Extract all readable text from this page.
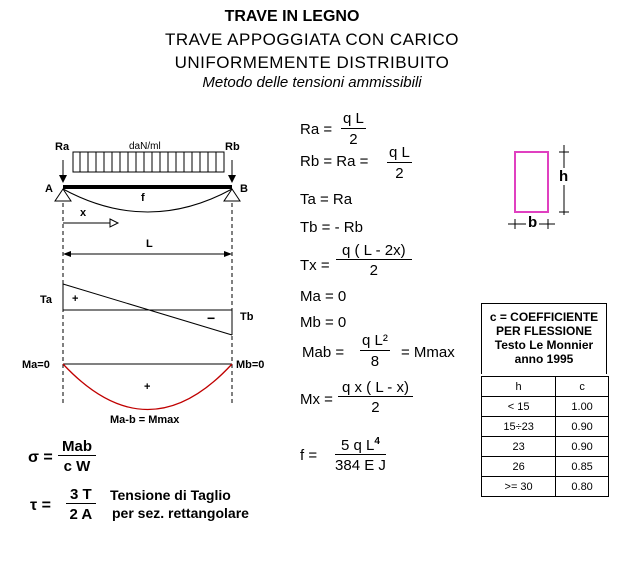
TRAVE IN LEGNO
TRAVE APPOGGIATA CON CARICO
UNIFORMEMENTE DISTRIBUITO
Metodo delle tensioni ammissibili
Ra	Rb
daN/ml
A	B
f
x
L
Ta +
− Tb
Ma=0	Mb=0
+
Ma-b = Mmax
h
b
$Ra = \frac{\text{q L}}{2}$
$Rb = Ra = \frac{\text{q L}}{2}$
Ta = Ra
Tb = - Rb
$Tx = \frac{q ( L - 2x)}{2}$
Ma = 0
Mb = 0
Mab = $\frac{\text{q L²}}{8} = Mmax$
$Mx = \frac{\text{q x ( L - x)}}{2}$
$f = \frac{5 q L^4}{\text{384 E J}}$
σ =
Mab
c W
$\tau = \frac{3 T}{2 A}$ Tensione di Taglio
per sez. rettangolare
c = COEFFICIENTE
PER FLESSIONE
Testo Le Monnier
anno 1995
h	c
< 15	1.00
15÷23	0.90
23	0.90
26	0.85
>= 30	0.80
